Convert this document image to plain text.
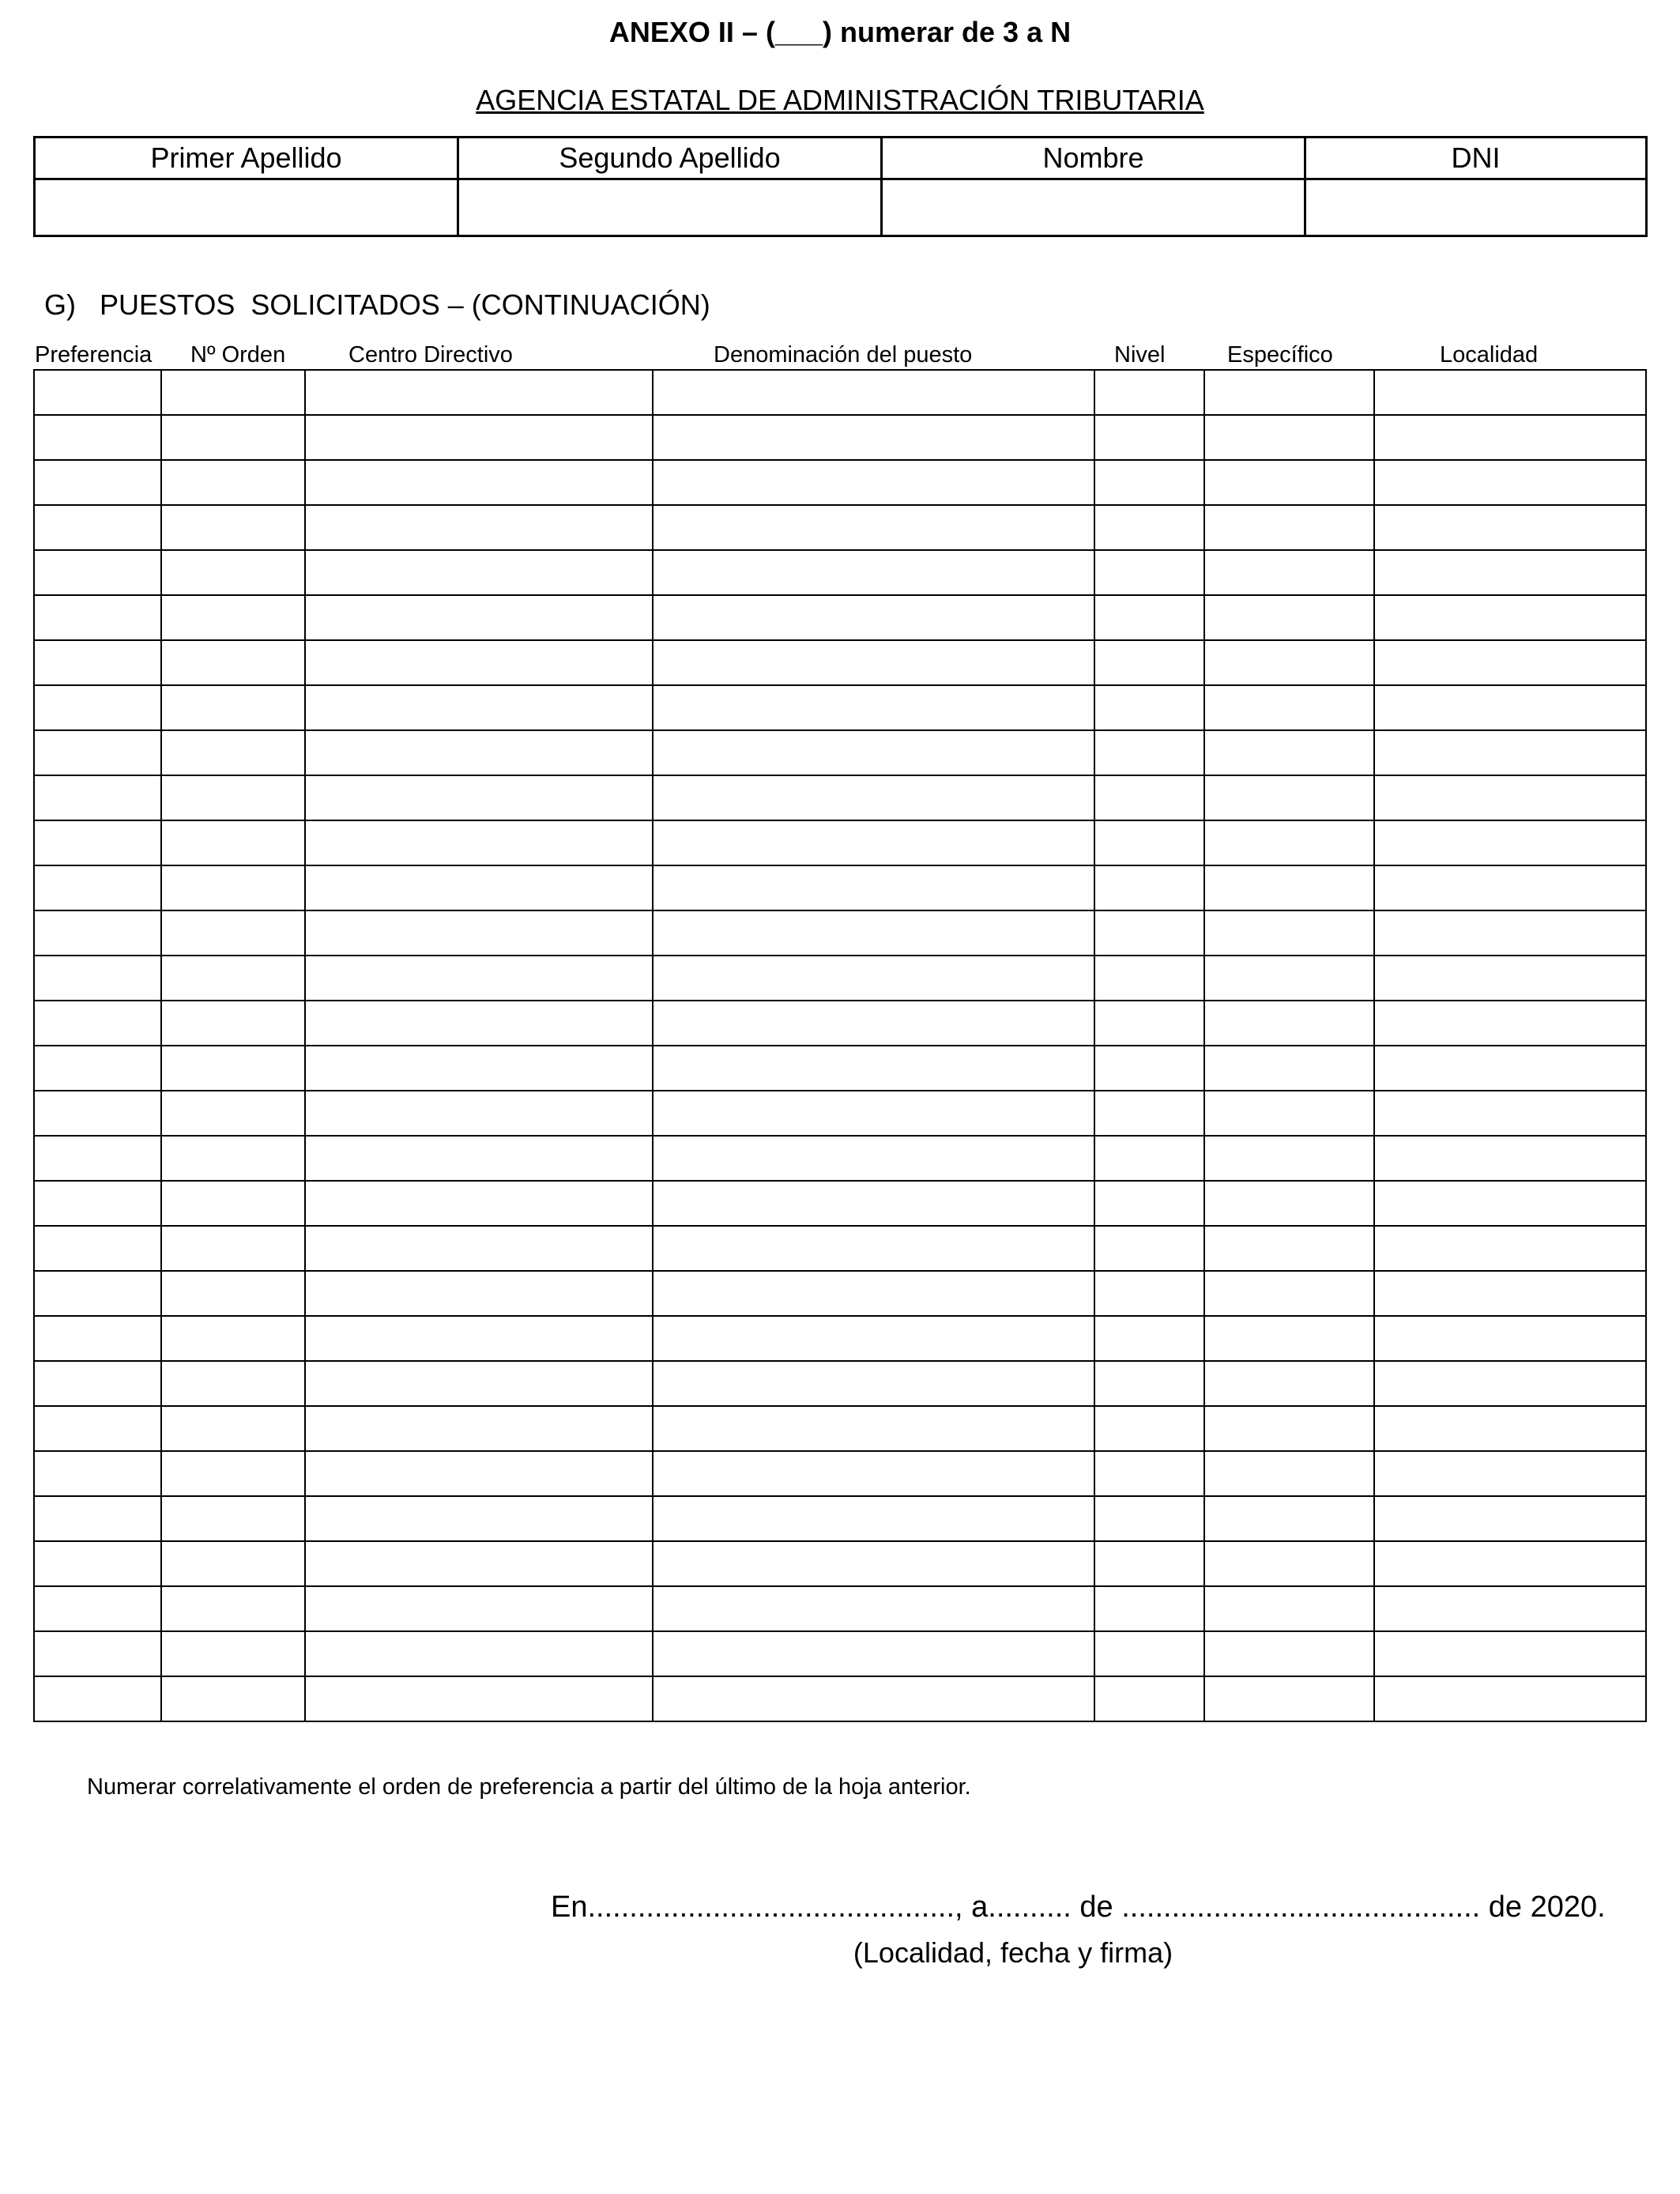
ANEXO II – (___) numerar de 3 a N
AGENCIA ESTATAL DE ADMINISTRACIÓN TRIBUTARIA
Primer Apellido	Segundo Apellido	Nombre	DNI

G)   PUESTOS  SOLICITADOS – (CONTINUACIÓN)
Preferencia Nº Orden	Centro Directivo	Denominación del puesto	Nivel	Específico	Localidad

Numerar correlativamente el orden de preferencia a partir del último de la hoja anterior.
En............................................, a.......... de ........................................... de 2020.
(Localidad, fecha y firma)
